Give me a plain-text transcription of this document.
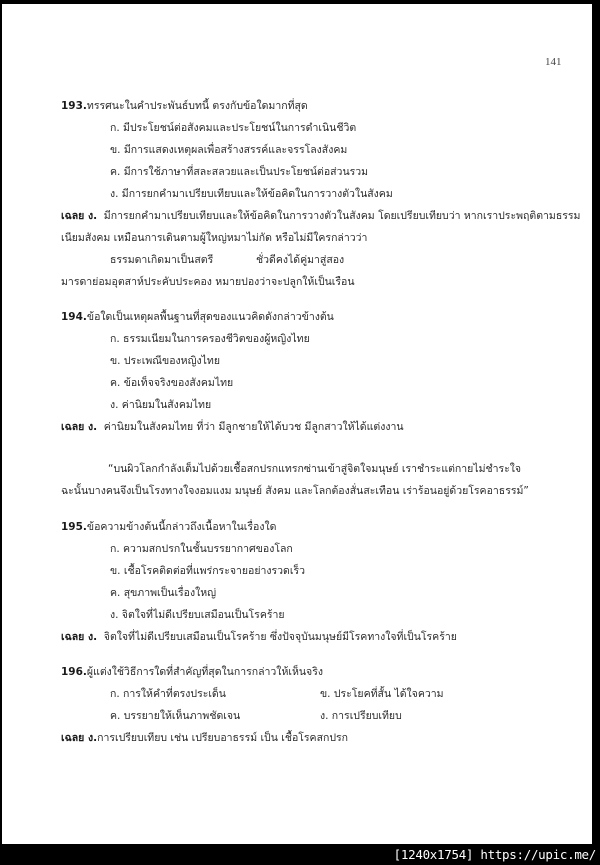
141
193.ทรรศนะในคำประพันธ์บทนี้ ตรงกับข้อใดมากที่สุด
ก. มีประโยชน์ต่อสังคมและประโยชน์ในการดำเนินชีวิต
ข. มีการแสดงเหตุผลเพื่อสร้างสรรค์และจรรโลงสังคม
ค. มีการใช้ภาษาที่สละสลวยและเป็นประโยชน์ต่อส่วนรวม
ง. มีการยกคำมาเปรียบเทียบและให้ข้อคิดในการวางตัวในสังคม
เฉลย ง. มีการยกคำมาเปรียบเทียบและให้ข้อคิดในการวางตัวในสังคม โดยเปรียบเทียบว่า หากเราประพฤติตามธรรม
เนียมสังคม เหมือนการเดินตามผู้ใหญ่หมาไม่กัด หรือไม่มีใครกล่าวว่า
ธรรมดาเกิดมาเป็นสตรี	ชั่วดีคงได้คู่มาสู่สอง
มารดาย่อมอุตสาห์ประคับประคอง หมายปองว่าจะปลูกให้เป็นเรือน
194.ข้อใดเป็นเหตุผลพื้นฐานที่สุดของแนวคิดดังกล่าวข้างต้น
ก. ธรรมเนียมในการครองชีวิตของผู้หญิงไทย
ข. ประเพณีของหญิงไทย
ค. ข้อเท็จจริงของสังคมไทย
ง. ค่านิยมในสังคมไทย
เฉลย ง. ค่านิยมในสังคมไทย ที่ว่า มีลูกชายให้ได้บวช มีลูกสาวให้ได้แต่งงาน
“บนผิวโลกกำลังเต็มไปด้วยเชื้อสกปรกแทรกซ่านเข้าสู่จิตใจมนุษย์ เราชำระแต่กายไม่ชำระใจ
ฉะนั้นบางคนจึงเป็นโรงทางใจงอมแงม มนุษย์ สังคม และโลกต้องสั่นสะเทือน เร่าร้อนอยู่ด้วยโรคอาธรรม์”
195.ข้อความข้างต้นนี้กล่าวถึงเนื้อหาในเรื่องใด
ก. ความสกปรกในชั้นบรรยากาศของโลก
ข. เชื้อโรคติดต่อที่แพร่กระจายอย่างรวดเร็ว
ค. สุขภาพเป็นเรื่องใหญ่
ง. จิตใจที่ไม่ดีเปรียบเสมือนเป็นโรคร้าย
เฉลย ง. จิตใจที่ไม่ดีเปรียบเสมือนเป็นโรคร้าย ซึ่งปัจจุบันมนุษย์มีโรคทางใจที่เป็นโรคร้าย
196.ผู้แต่งใช้วิธีการใดที่สำคัญที่สุดในการกล่าวให้เห็นจริง
ก. การให้คำที่ตรงประเด็น	ข. ประโยคที่สั้น ได้ใจความ
ค. บรรยายให้เห็นภาพชัดเจน	ง. การเปรียบเทียบ
เฉลย ง.การเปรียบเทียบ เช่น เปรียบอาธรรม์ เป็น เชื้อโรคสกปรก
[1240x1754] https://upic.me/
